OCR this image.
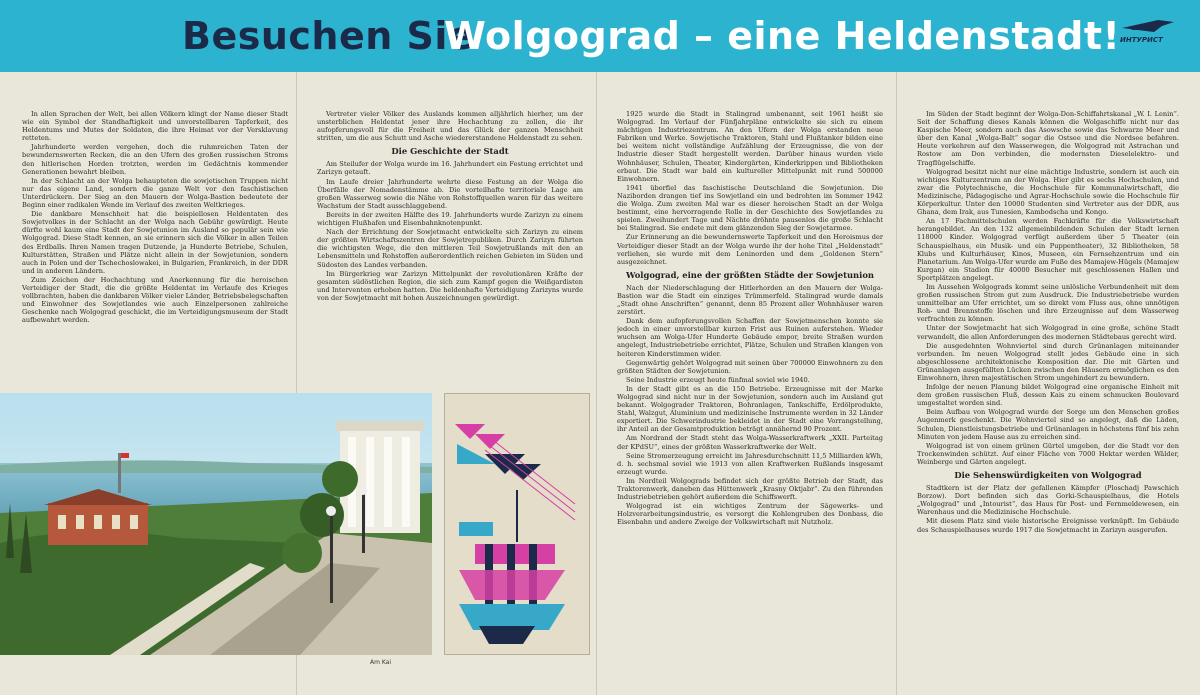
Besuchen Sie
Wolgograd – eine Heldenstadt! ИНТУРИСТ

In allen Sprachen der Welt, bei allen Völkern klingt der Name dieser Stadt wie ein Symbol der Standhaftigkeit und unvorstellbaren Tapferkeit, des Heldentums und Mutes der Soldaten, die ihre Heimat vor der Versklavung retteten.

Jahrhunderte werden vergehen, doch die ruhmreichen Taten der bewundernswerten Recken, die an den Ufern des großen russischen Stroms den hitlerischen Horden trotzten, werden im Gedächtnis kommender Generationen bewahrt bleiben.

In der Schlacht an der Wolga behaupteten die sowjetischen Truppen nicht nur das eigene Land, sondern die ganze Welt vor den faschistischen Unterdrückern. Der Sieg an den Mauern der Wolga-Bastion bedeutete der Beginn einer radikalen Wende im Verlauf des zweiten Weltkrieges.

Die dankbare Menschheit hat die beispiellosen Heldentaten des Sowjetvolkes in der Schlacht an der Wolga nach Gebühr gewürdigt. Heute dürfte wohl kaum eine Stadt der Sowjetunion im Ausland so populär sein wie Wolgograd. Diese Stadt kennen, an sie erinnern sich die Völker in allen Teilen des Erdballs. Ihren Namen tragen Dutzende, ja Hunderte Betriebe, Schulen, Kulturstätten, Straßen und Plätze nicht allein in der Sowjetunion, sondern auch in Polen und der Tschechoslowakei, in Bulgarien, Frankreich, in der DDR und in anderen Ländern.

Zum Zeichen der Hochachtung und Anerkennung für die heroischen Verteidiger der Stadt, die die größte Heldentat im Verlaufe des Krieges vollbrachten, haben die dankbaren Völker vieler Länder, Betriebsbelegschaften und Einwohner des Sowjetlandes wie auch Einzelpersonen zahlreiche Geschenke nach Wolgograd geschickt, die im Verteidigungsmuseum der Stadt aufbewahrt werden.

Vertreter vieler Völker des Auslands kommen alljährlich hierher, um der unsterblichen Heldentat jener ihre Hochachtung zu zollen, die ihr aufopferungsvoll für die Freiheit und das Glück der ganzen Menschheit stritten, um die aus Schutt und Asche wiedererstandene Heldenstadt zu sehen.

Die Geschichte der Stadt

Am Steilufer der Wolga wurde im 16. Jahrhundert ein Festung errichtet und Zarizyn getauft.

Im Laufe dreier Jahrhunderte wehrte diese Festung an der Wolga die Überfälle der Nomadenstämme ab. Die vorteilhafte territoriale Lage am großen Wasserweg sowie die Nähe von Rohstoffquellen waren für das weitere Wachstum der Stadt ausschlaggebend.

Bereits in der zweiten Hälfte des 19. Jahrhunderts wurde Zarizyn zu einem wichtigen Flußhafen und Eisenbahnknotenpunkt.

Nach der Errichtung der Sowjetmacht entwickelte sich Zarizyn zu einem der größten Wirtschaftszentren der Sowjetrepubliken. Durch Zarizyn führten die wichtigsten Wege, die den mittleren Teil Sowjetrußlands mit den an Lebensmitteln und Rohstoffen außerordentlich reichen Gebieten im Süden und Südosten des Landes verbanden.

Im Bürgerkrieg war Zarizyn Mittelpunkt der revolutionären Kräfte der gesamten südöstlichen Region, die sich zum Kampf gegen die Weißgardisten und Interventen erhoben hatten. Die heldenhafte Verteidigung Zarizyns wurde von der Sowjetmacht mit hohen Auszeichnungen gewürdigt.

1925 wurde die Stadt in Stalingrad umbenannt, seit 1961 heißt sie Wolgograd. Im Verlauf der Fünfjahrpläne entwickelte sie sich zu einem mächtigen Industriezentrum. An den Ufern der Wolga erstanden neue Fabriken und Werke. Sowjetische Traktoren, Stahl und Flußtanker bilden eine bei weitem nicht vollständige Aufzählung der Erzeugnisse, die von der Industrie dieser Stadt hergestellt werden. Darüber hinaus wurden viele Wohnhäuser, Schulen, Theater, Kindergärten, Kinderkrippen und Bibliotheken erbaut. Die Stadt war bald ein kultureller Mittelpunkt mit rund 500000 Einwohnern.

1941 überfiel das faschistische Deutschland die Sowjetunion. Die Naziborden drangen tief ins Sowjetland ein und bedrohten im Sommer 1942 die Wolga. Zum zweiten Mal war es dieser heroischen Stadt an der Wolga bestimmt, eine hervorragende Rolle in der Geschichte des Sowjetlandes zu spielen. Zweihundert Tage und Nächte dröhnte pausenlos die große Schlacht bei Stalingrad. Sie endete mit dem glänzenden Sieg der Sowjetarmee.

Zur Erinnerung an die bewundernswerte Tapferkeit und den Heroismus der Verteidiger dieser Stadt an der Wolga wurde ihr der hohe Titel „Heldenstadt“ verliehen, sie wurde mit dem Leninorden und dem „Goldenen Stern“ ausgezeichnet.

Wolgograd, eine der größten Städte der Sowjetunion

Nach der Niederschlagung der Hitlerhorden an den Mauern der Wolga-Bastion war die Stadt ein einziges Trümmerfeld. Stalingrad wurde damals „Stadt ohne Anschriften“ genannt, denn 85 Prozent aller Wohnhäuser waren zerstört.

Dank dem aufopferungsvollen Schaffen der Sowjetmenschen konnte sie jedoch in einer unvorstellbar kurzen Frist aus Ruinen auferstehen. Wieder wuchsen am Wolga-Ufer Hunderte Gebäude empor, breite Straßen wurden angelegt, Industriebetriebe errichtet, Plätze, Schulen und Straßen klangen von heiteren Kinderstimmen wider.

Gegenwärtig gehört Wolgograd mit seinen über 700000 Einwohnern zu den größten Städten der Sowjetunion.

Seine Industrie erzeugt heute fünfmal soviel wie 1940.

In der Stadt gibt es an die 150 Betriebe. Erzeugnisse mit der Marke Wolgograd sind nicht nur in der Sowjetunion, sondern auch im Ausland gut bekannt. Wolgograder Traktoren, Bohranlagen, Tankschiffe, Erdölprodukte, Stahl, Walzgut, Aluminium und medizinische Instrumente werden in 32 Länder exportiert. Die Schwerindustrie bekleidet in der Stadt eine Vorrangstellung, ihr Anteil an der Gesamtproduktion beträgt annähernd 90 Prozent.

Am Nordrand der Stadt steht das Wolga-Wasserkraftwerk „XXII. Parteitag der KPdSU“, eines der größten Wasserkraftwerke der Welt.

Seine Stromerzeugung erreicht im Jahresdurchschnitt 11,5 Milliarden kWh, d. h. sechsmal soviel wie 1913 von allen Kraftwerken Rußlands insgesamt erzeugt wurde.

Im Nordteil Wolgograds befindet sich der größte Betrieb der Stadt, das Traktorenwerk, daneben das Hüttenwerk „Krasny Oktjabr“. Zu den führenden Industriebetrieben gehört außerdem die Schiffswerft.

Wolgograd ist ein wichtiges Zentrum der Sägewerks- und Holzverarbeitungsindustrie, es versorgt die Kohlengruben des Donbass, die Eisenbahn und andere Zweige der Volkswirtschaft mit Nutzholz.

Im Süden der Stadt beginnt der Wolga-Don-Schiffahrtskanal „W. I. Lenin“. Seit der Schaffung dieses Kanals können die Wolgaschiffe nicht nur das Kaspische Meer, sondern auch das Asowsche sowie das Schwarze Meer und über den Kanal „Wolga-Balt“ sogar die Ostsee und die Nordsee befahren. Heute verkehren auf den Wasserwegen, die Wolgograd mit Astrachan und Rostow am Don verbinden, die modernsten Dieselelektro- und Tragflügelschiffe.

Wolgograd besitzt nicht nur eine mächtige Industrie, sondern ist auch ein wichtiges Kulturzentrum an der Wolga. Hier gibt es sechs Hochschulen, und zwar die Polytechnische, die Hochschule für Kommunalwirtschaft, die Medizinische, Pädagogische und Agrar-Hochschule sowie die Hochschule für Körperkultur. Unter den 10000 Studenten sind Vertreter aus der DDR, aus Ghana, dem Irak, aus Tunesien, Kambodscha und Kongo.

An 17 Fachmittelschulen werden Fachkräfte für die Volkswirtschaft herangebildet. An den 132 allgemeinbildenden Schulen der Stadt lernen 118000 Kinder. Wolgograd verfügt außerdem über 5 Theater (ein Schauspielhaus, ein Musik- und ein Puppentheater), 32 Bibliotheken, 58 Klubs und Kulturhäuser, Kinos, Museen, ein Fernsehzentrum und ein Planetarium. Am Wolga-Ufer wurde am Fuße des Mamajew-Hügels (Mamajew Kurgan) ein Stadion für 40000 Besucher mit geschlossenen Hallen und Sportplätzen angelegt.

Im Aussehen Wolgograds kommt seine unlösliche Verbundenheit mit dem großen russischen Strom gut zum Ausdruck. Die Industriebetriebe wurden unmittelbar am Ufer errichtet, um so direkt vom Fluss aus, ohne unnötigen Roh- und Brennstoffe löschen und ihre Erzeugnisse auf dem Wasserweg verfrachten zu können.

Unter der Sowjetmacht hat sich Wolgograd in eine große, schöne Stadt verwandelt, die allen Anforderungen des modernen Städtebaus gerecht wird.

Die ausgedehnten Wohnviertel sind durch Grünanlagen miteinander verbunden. Im neuen Wolgograd stellt jedes Gebäude eine in sich abgeschlossene architektonische Komposition dar. Die mit Gärten und Grünanlagen ausgefüllten Lücken zwischen den Häusern ermöglichen es den Einwohnern, ihren majestätischen Strom ungehindert zu bewundern.

Infolge der neuen Planung bildet Wolgograd eine organische Einheit mit dem großen russischen Fluß, dessen Kais zu einem schmucken Boulevard umgestaltet worden sind.

Beim Aufbau von Wolgograd wurde der Sorge um den Menschen großes Augenmerk geschenkt. Die Wohnviertel sind so angelegt, daß die Läden, Schulen, Dienstleistungsbetriebe und Grünanlagen in höchstens fünf bis zehn Minuten von jedem Hause aus zu erreichen sind.

Wolgograd ist von einem grünen Gürtel umgeben, der die Stadt vor den Trockenwinden schützt. Auf einer Fläche von 7000 Hektar werden Wälder, Weinberge und Gärten angelegt.

Die Sehenswürdigkeiten von Wolgograd

Stadtkern ist der Platz der gefallenen Kämpfer (Ploschadj Pawschich Borzow). Dort befinden sich das Gorki-Schauspielhaus, die Hotels „Wolgograd“ und „Intourist“, das Haus für Post- und Fernmeldewesen, ein Warenhaus und die Medizinische Hochschule.

Mit diesem Platz sind viele historische Ereignisse verknüpft. Im Gebäude des Schauspielhauses wurde 1917 die Sowjetmacht in Zarizyn ausgerufen.

Am Kai
